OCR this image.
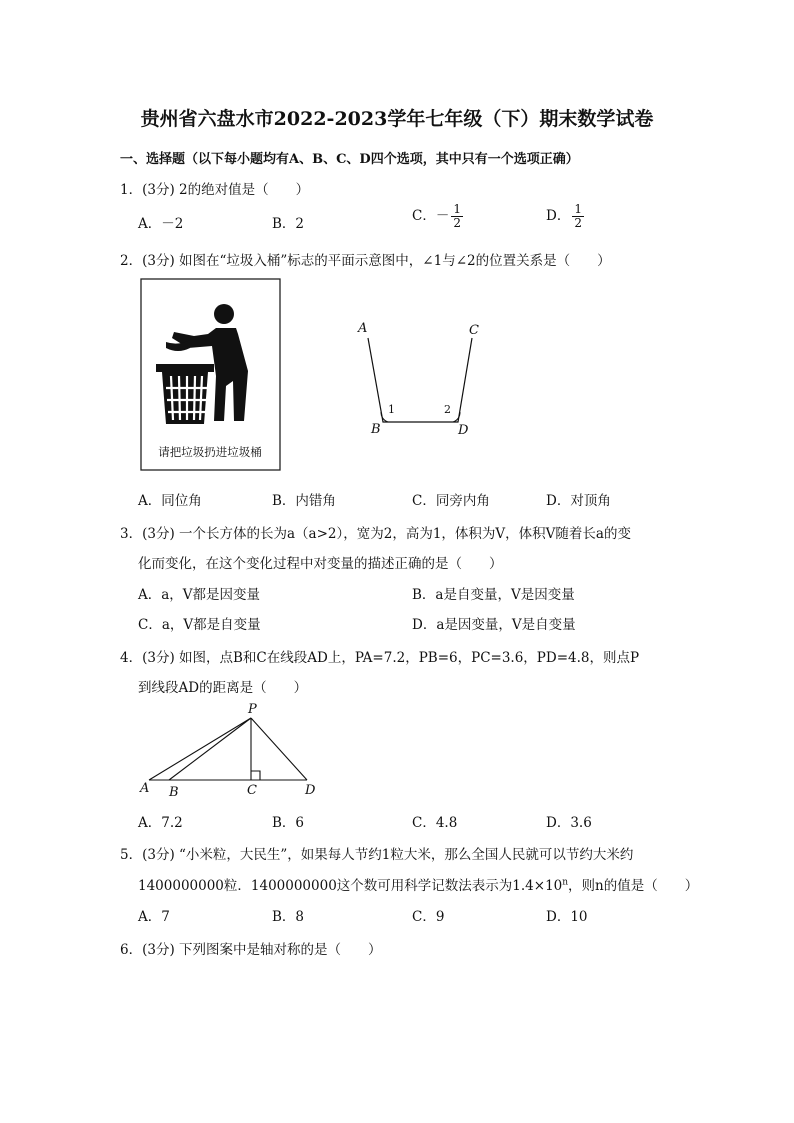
贵州省六盘水市2022-2023学年七年级（下）期末数学试卷
一、选择题（以下每小题均有A、B、C、D四个选项，其中只有一个选项正确）
1．(3分) 2的绝对值是（　　）
A．－2	B．2	C．－ $\frac{1}{2}$	D． $\frac{1}{2}$
2．(3分) 如图在“垃圾入桶”标志的平面示意图中，∠1与∠2的位置关系是（　　）
请把垃圾扔进垃圾桶
A	C
B	D
1	2
A．同位角	B．内错角	C．同旁内角	D．对顶角
3．(3分) 一个长方体的长为a（a>2），宽为2，高为1，体积为V，体积V随着长a的变
化而变化，在这个变化过程中对变量的描述正确的是（　　）
A．a，V都是因变量	B．a是自变量，V是因变量
C．a，V都是自变量	D．a是因变量，V是自变量
4．(3分) 如图，点B和C在线段AD上，PA=7.2，PB=6，PC=3.6，PD=4.8，则点P
到线段AD的距离是（　　）
P
A B	C	D
A．7.2	B．6	C．4.8	D．3.6
5．(3分) “小米粒，大民生”，如果每人节约1粒大米，那么全国人民就可以节约大米约
1400000000粒．1400000000这个数可用科学记数法表示为$1.4\times 10^n$，则n的值是（　　）
A．7	B．8	C．9	D．10
6．(3分) 下列图案中是轴对称的是（　　）
